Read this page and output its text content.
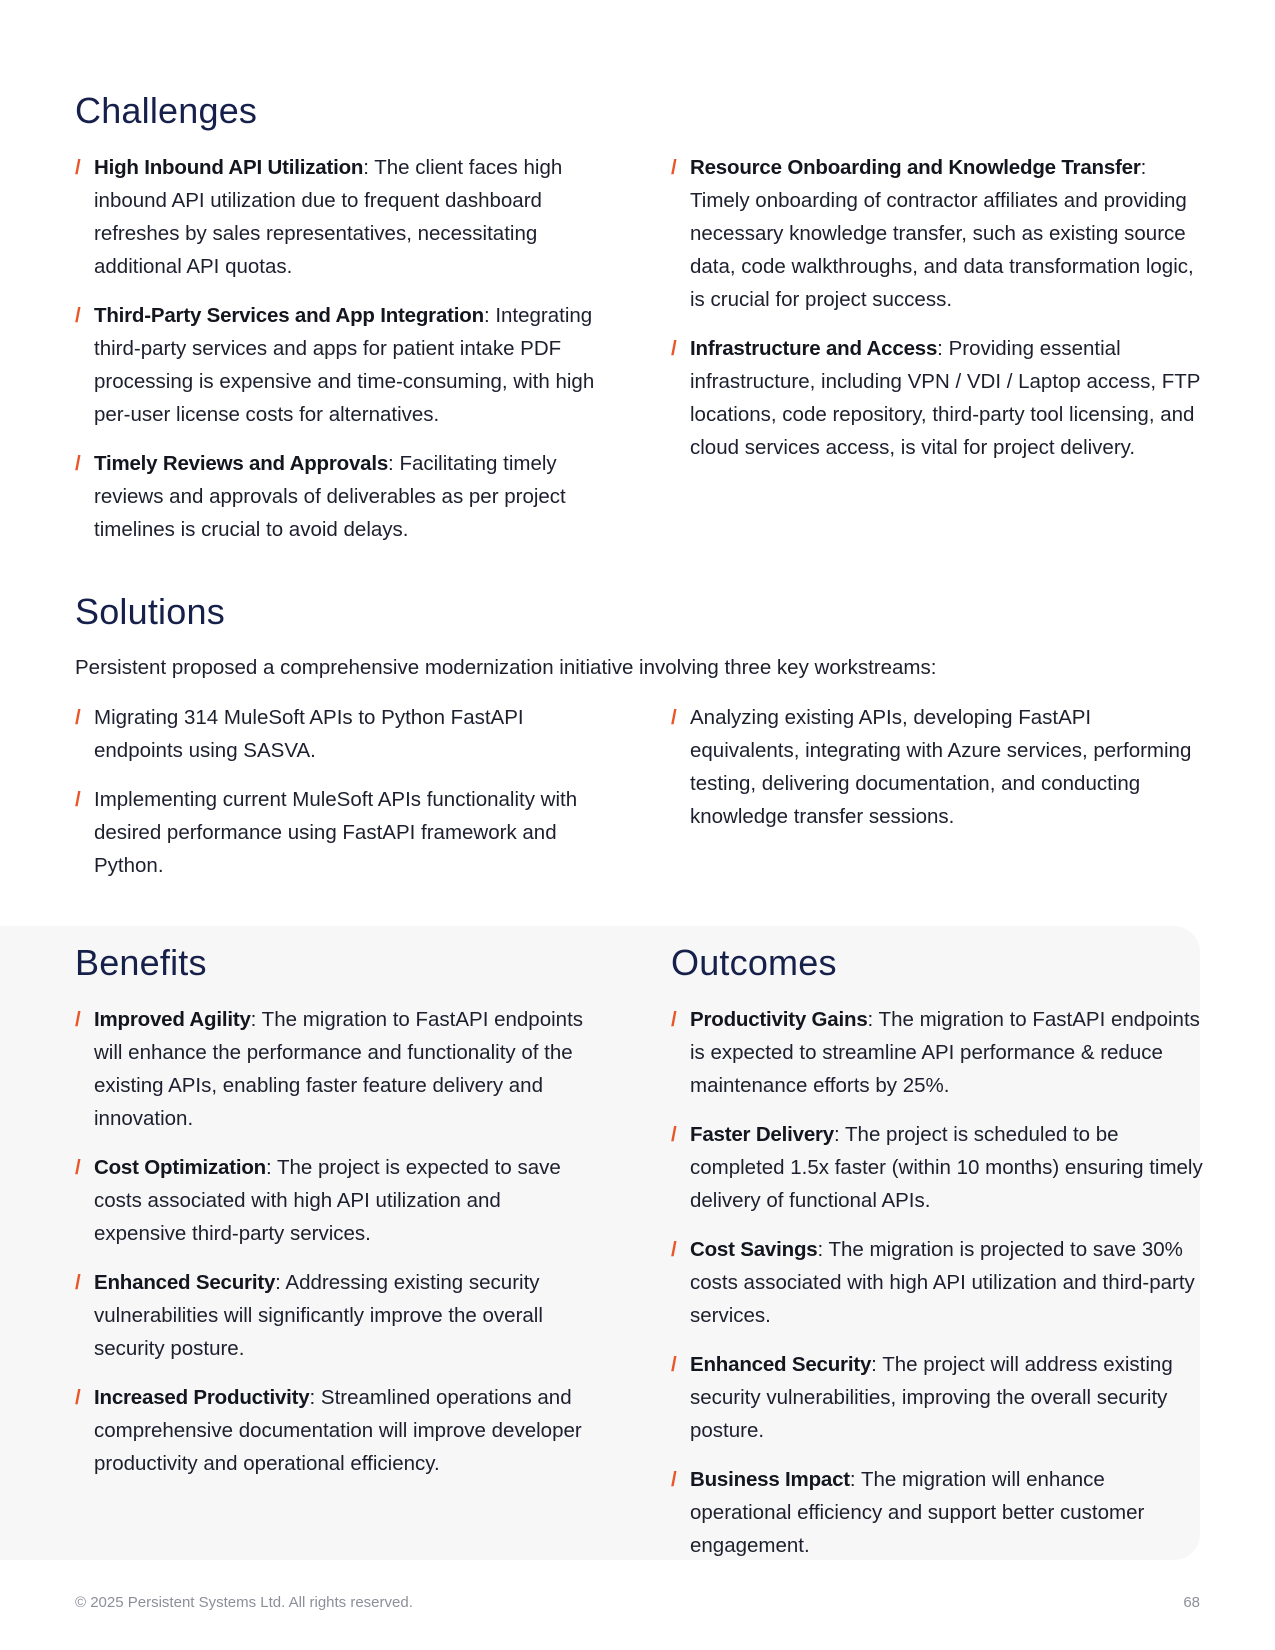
Challenges
/ High Inbound API Utilization: The client faces high inbound API utilization due to frequent dashboard refreshes by sales representatives, necessitating additional API quotas.
/ Third-Party Services and App Integration: Integrating third-party services and apps for patient intake PDF processing is expensive and time-consuming, with high per-user license costs for alternatives.
/ Timely Reviews and Approvals: Facilitating timely reviews and approvals of deliverables as per project timelines is crucial to avoid delays.
/ Resource Onboarding and Knowledge Transfer: Timely onboarding of contractor affiliates and providing necessary knowledge transfer, such as existing source data, code walkthroughs, and data transformation logic, is crucial for project success.
/ Infrastructure and Access: Providing essential infrastructure, including VPN / VDI / Laptop access, FTP locations, code repository, third-party tool licensing, and cloud services access, is vital for project delivery.
Solutions

Persistent proposed a comprehensive modernization initiative involving three key workstreams:

/ Migrating 314 MuleSoft APIs to Python FastAPI endpoints using SASVA.
/ Implementing current MuleSoft APIs functionality with desired performance using FastAPI framework and Python.
/ Analyzing existing APIs, developing FastAPI equivalents, integrating with Azure services, performing testing, delivering documentation, and conducting knowledge transfer sessions.
Benefits
/ Improved Agility: The migration to FastAPI endpoints will enhance the performance and functionality of the existing APIs, enabling faster feature delivery and innovation.
/ Cost Optimization: The project is expected to save costs associated with high API utilization and expensive third-party services.
/ Enhanced Security: Addressing existing security vulnerabilities will significantly improve the overall security posture.
/ Increased Productivity: Streamlined operations and comprehensive documentation will improve developer productivity and operational efficiency.
Outcomes
/ Productivity Gains: The migration to FastAPI endpoints is expected to streamline API performance & reduce maintenance efforts by 25%.
/ Faster Delivery: The project is scheduled to be completed 1.5x faster (within 10 months) ensuring timely delivery of functional APIs.
/ Cost Savings: The migration is projected to save 30% costs associated with high API utilization and third-party services.
/ Enhanced Security: The project will address existing security vulnerabilities, improving the overall security posture.
/ Business Impact: The migration will enhance operational efficiency and support better customer engagement.
© 2025 Persistent Systems Ltd. All rights reserved.	68
